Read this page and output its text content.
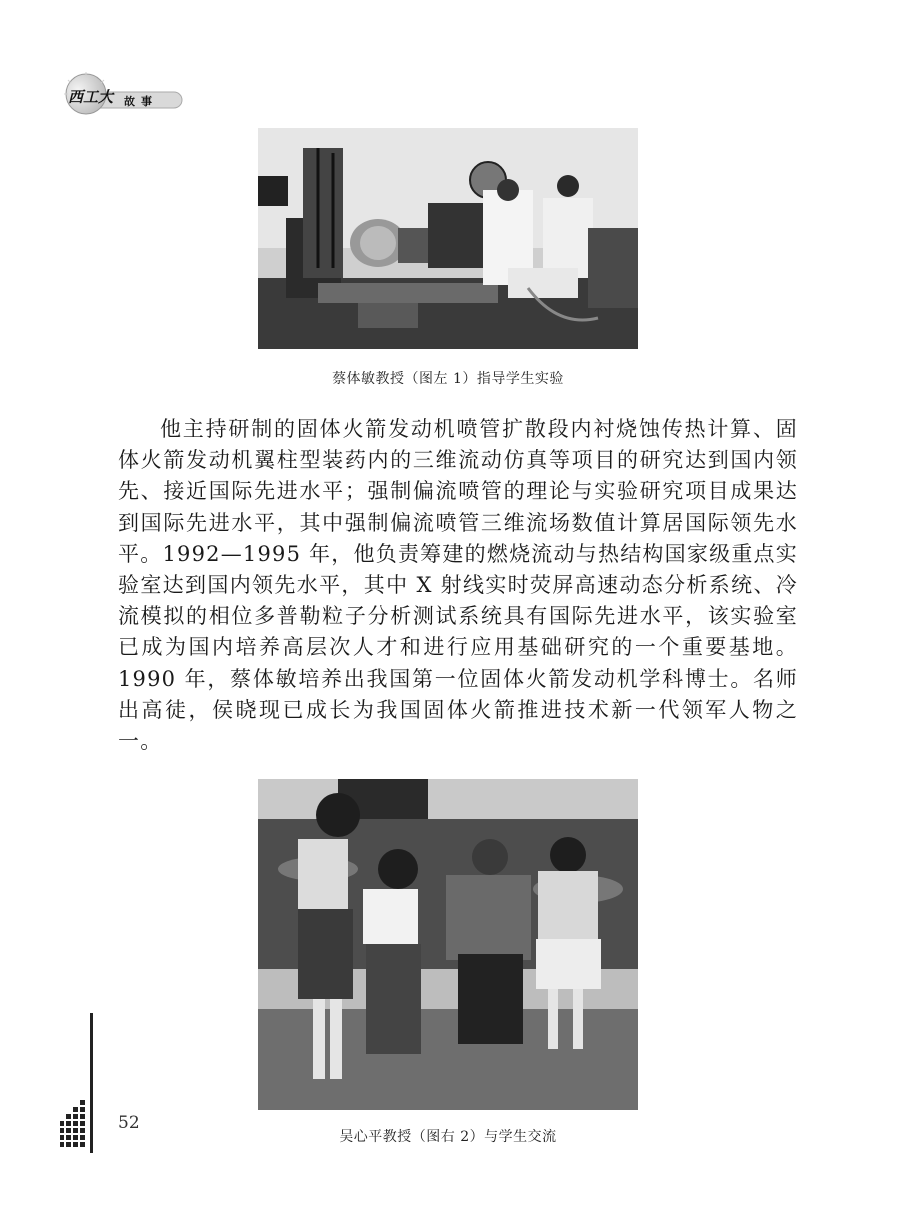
西工大 故事
蔡体敏教授（图左 1）指导学生实验

他主持研制的固体火箭发动机喷管扩散段内衬烧蚀传热计算、固体火箭发动机翼柱型装药内的三维流动仿真等项目的研究达到国内领先、接近国际先进水平；强制偏流喷管的理论与实验研究项目成果达到国际先进水平，其中强制偏流喷管三维流场数值计算居国际领先水平。1992—1995 年，他负责筹建的燃烧流动与热结构国家级重点实验室达到国内领先水平，其中 X 射线实时荧屏高速动态分析系统、冷流模拟的相位多普勒粒子分析测试系统具有国际先进水平，该实验室已成为国内培养高层次人才和进行应用基础研究的一个重要基地。1990 年，蔡体敏培养出我国第一位固体火箭发动机学科博士。名师出高徒，侯晓现已成长为我国固体火箭推进技术新一代领军人物之一。

吴心平教授（图右 2）与学生交流
52
